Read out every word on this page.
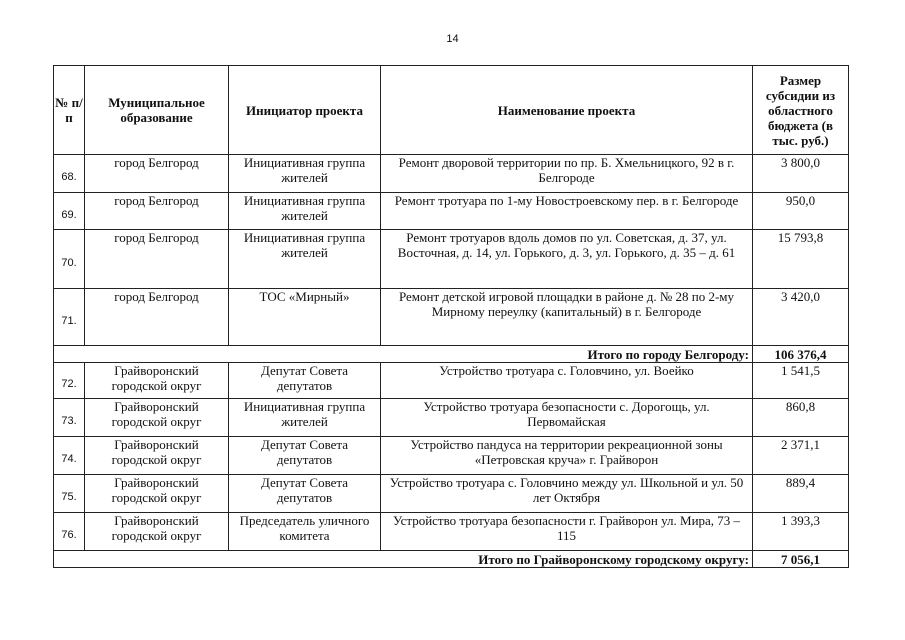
14
№ п/п	Муниципальное образование	Инициатор проекта	Наименование проекта	Размер субсидии из областного бюджета (в тыс. руб.)
68.	город Белгород	Инициативная группа жителей	Ремонт дворовой территории по пр. Б. Хмельницкого, 92 в г. Белгороде	3 800,0
69.	город Белгород	Инициативная группа жителей	Ремонт тротуара по 1-му Новостроевскому пер. в г. Белгороде	950,0
70.	город Белгород	Инициативная группа жителей	Ремонт тротуаров вдоль домов по ул. Советская, д. 37, ул. Восточная, д. 14, ул. Горького, д. 3, ул. Горького, д. 35 – д. 61	15 793,8
71.	город Белгород	ТОС «Мирный»	Ремонт детской игровой площадки в районе д. № 28 по 2-му Мирному переулку (капитальный) в г. Белгороде	3 420,0
Итого по городу Белгороду:				106 376,4
72.	Грайворонский городской округ	Депутат Совета депутатов	Устройство тротуара с. Головчино, ул. Воейко	1 541,5
73.	Грайворонский городской округ	Инициативная группа жителей	Устройство тротуара безопасности с. Дорогощь, ул. Первомайская	860,8
74.	Грайворонский городской округ	Депутат Совета депутатов	Устройство пандуса на территории рекреационной зоны «Петровская круча» г. Грайворон	2 371,1
75.	Грайворонский городской округ	Депутат Совета депутатов	Устройство тротуара с. Головчино между ул. Школьной и ул. 50 лет Октября	889,4
76.	Грайворонский городской округ	Председатель уличного комитета	Устройство тротуара безопасности г. Грайворон ул. Мира, 73 – 115	1 393,3
Итого по Грайворонскому городскому округу:				7 056,1
